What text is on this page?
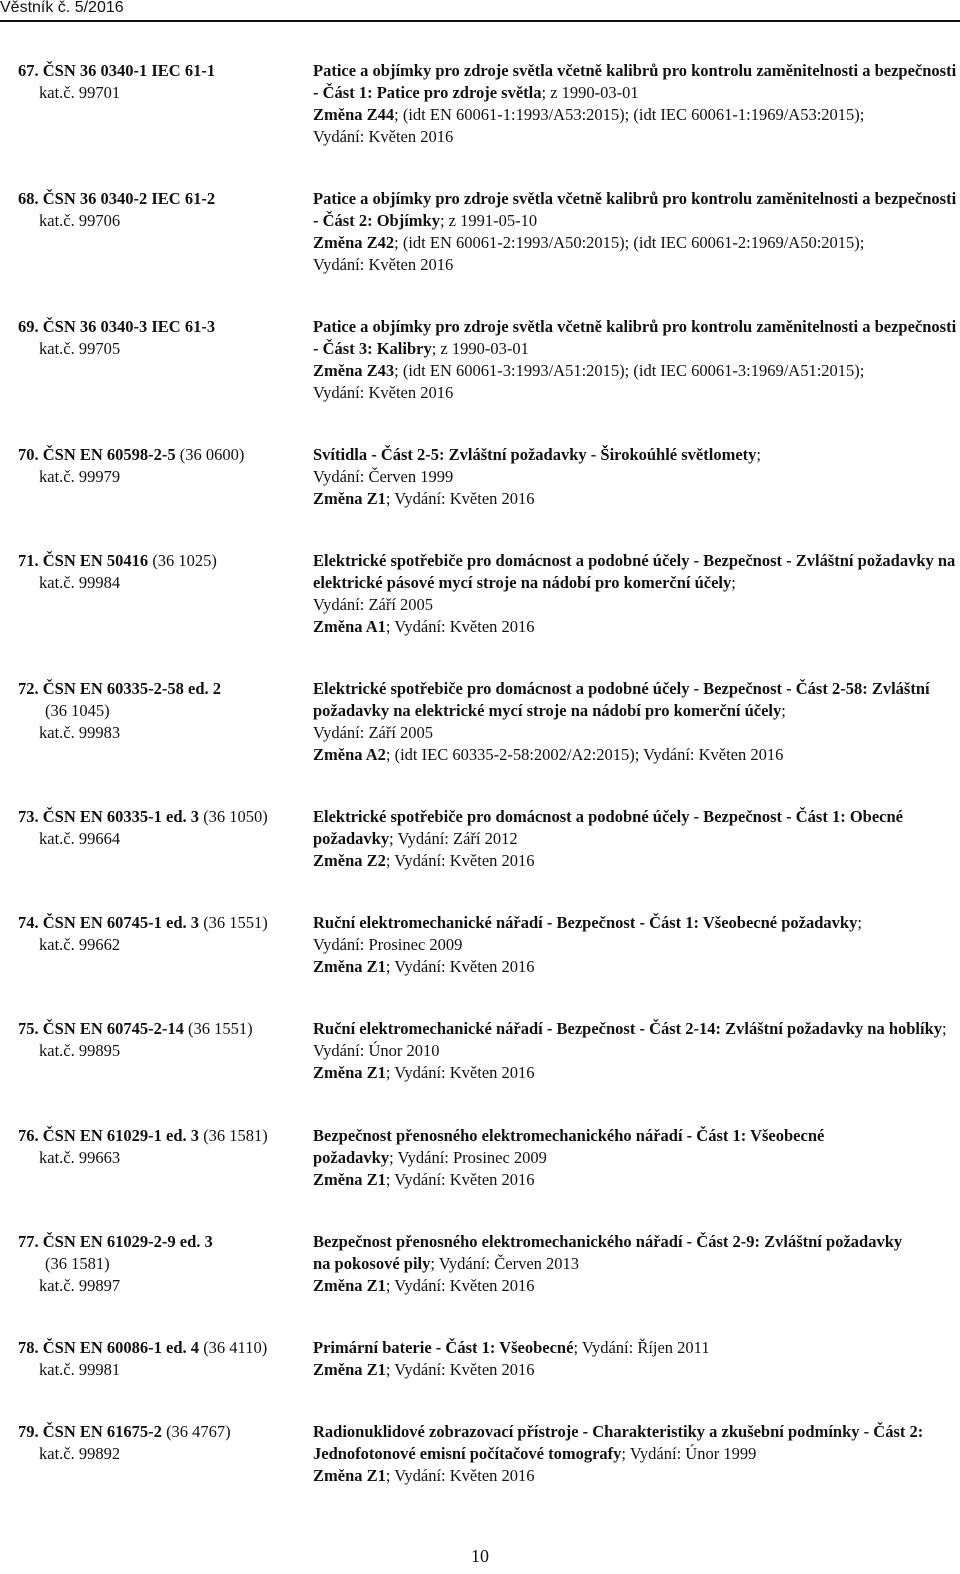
Věstník č. 5/2016
67. ČSN 36 0340-1 IEC 61-1
kat.č. 99701
Patice a objímky pro zdroje světla včetně kalibrů pro kontrolu zaměnitelnosti a bezpečnosti - Část 1: Patice pro zdroje světla; z 1990-03-01
Změna Z44; (idt EN 60061-1:1993/A53:2015); (idt IEC 60061-1:1969/A53:2015);
Vydání: Květen 2016
68. ČSN 36 0340-2 IEC 61-2
kat.č. 99706
Patice a objímky pro zdroje světla včetně kalibrů pro kontrolu zaměnitelnosti a bezpečnosti - Část 2: Objímky; z 1991-05-10
Změna Z42; (idt EN 60061-2:1993/A50:2015); (idt IEC 60061-2:1969/A50:2015);
Vydání: Květen 2016
69. ČSN 36 0340-3 IEC 61-3
kat.č. 99705
Patice a objímky pro zdroje světla včetně kalibrů pro kontrolu zaměnitelnosti a bezpečnosti - Část 3: Kalibry; z 1990-03-01
Změna Z43; (idt EN 60061-3:1993/A51:2015); (idt IEC 60061-3:1969/A51:2015);
Vydání: Květen 2016
70. ČSN EN 60598-2-5 (36 0600)
kat.č. 99979
Svítidla - Část 2-5: Zvláštní požadavky - Širokoúhlé světlomety;
Vydání: Červen 1999
Změna Z1; Vydání: Květen 2016
71. ČSN EN 50416 (36 1025)
kat.č. 99984
Elektrické spotřebiče pro domácnost a podobné účely - Bezpečnost - Zvláštní požadavky na elektrické pásové mycí stroje na nádobí pro komerční účely;
Vydání: Září 2005
Změna A1; Vydání: Květen 2016
72. ČSN EN 60335-2-58 ed. 2
(36 1045)
kat.č. 99983
Elektrické spotřebiče pro domácnost a podobné účely - Bezpečnost - Část 2-58: Zvláštní požadavky na elektrické mycí stroje na nádobí pro komerční účely;
Vydání: Září 2005
Změna A2; (idt IEC 60335-2-58:2002/A2:2015); Vydání: Květen 2016
73. ČSN EN 60335-1 ed. 3 (36 1050)
kat.č. 99664
Elektrické spotřebiče pro domácnost a podobné účely - Bezpečnost - Část 1: Obecné požadavky; Vydání: Září 2012
Změna Z2; Vydání: Květen 2016
74. ČSN EN 60745-1 ed. 3 (36 1551)
kat.č. 99662
Ruční elektromechanické nářadí - Bezpečnost - Část 1: Všeobecné požadavky;
Vydání: Prosinec 2009
Změna Z1; Vydání: Květen 2016
75. ČSN EN 60745-2-14 (36 1551)
kat.č. 99895
Ruční elektromechanické nářadí - Bezpečnost - Část 2-14: Zvláštní požadavky na hoblíky; Vydání: Únor 2010
Změna Z1; Vydání: Květen 2016
76. ČSN EN 61029-1 ed. 3 (36 1581)
kat.č. 99663
Bezpečnost přenosného elektromechanického nářadí - Část 1: Všeobecné požadavky; Vydání: Prosinec 2009
Změna Z1; Vydání: Květen 2016
77. ČSN EN 61029-2-9 ed. 3
(36 1581)
kat.č. 99897
Bezpečnost přenosného elektromechanického nářadí - Část 2-9: Zvláštní požadavky na pokosové pily; Vydání: Červen 2013
Změna Z1; Vydání: Květen 2016
78. ČSN EN 60086-1 ed. 4 (36 4110)
kat.č. 99981
Primární baterie - Část 1: Všeobecné; Vydání: Říjen 2011
Změna Z1; Vydání: Květen 2016
79. ČSN EN 61675-2 (36 4767)
kat.č. 99892
Radionuklidové zobrazovací přístroje - Charakteristiky a zkušební podmínky - Část 2: Jednofotonové emisní počítačové tomografy; Vydání: Únor 1999
Změna Z1; Vydání: Květen 2016
10
